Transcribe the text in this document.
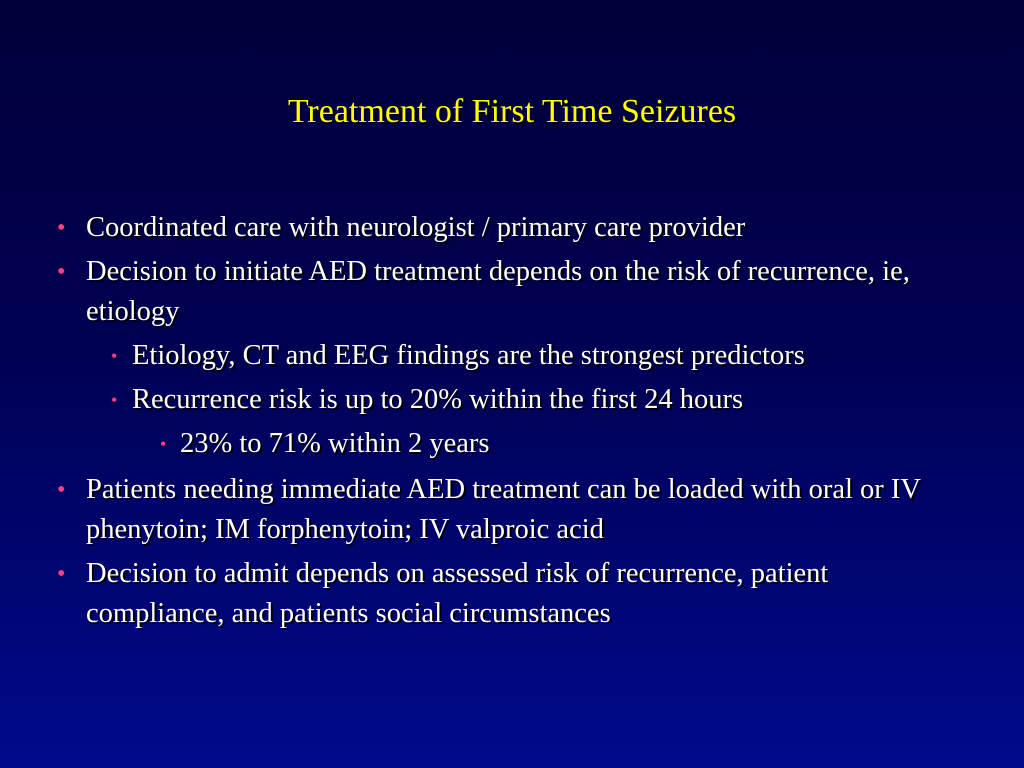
Treatment of First Time Seizures

• Coordinated care with neurologist / primary care provider

• Decision to initiate AED treatment depends on the risk of recurrence, ie, etiology

• Etiology, CT and EEG findings are the strongest predictors

• Recurrence risk is up to 20% within the first 24 hours

• 23% to 71% within 2 years

• Patients needing immediate AED treatment can be loaded with oral or IV phenytoin; IM forphenytoin; IV valproic acid

• Decision to admit depends on assessed risk of recurrence, patient compliance, and patients social circumstances
